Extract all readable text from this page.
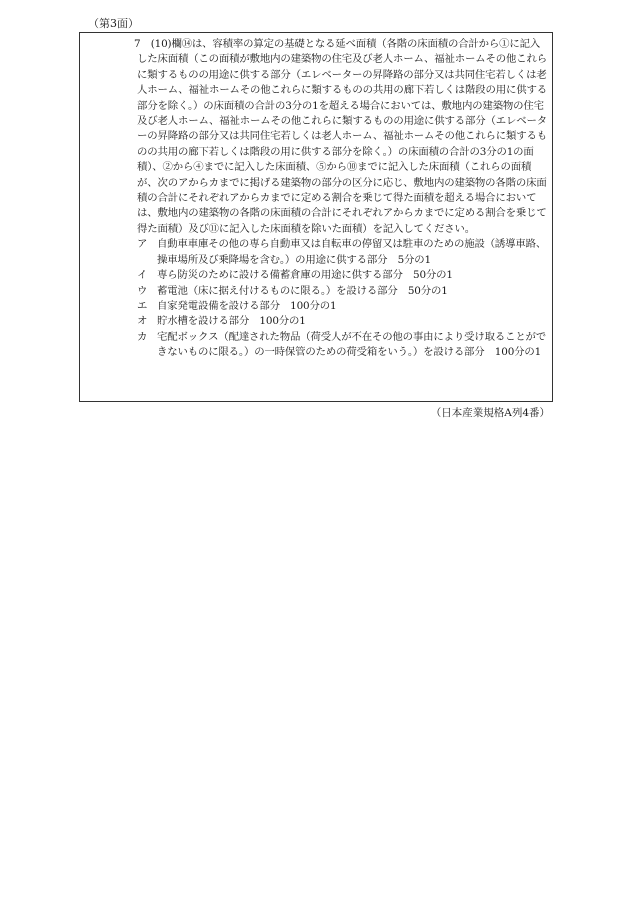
（第3面）

7　 (10)欄⑭は、容積率の算定の基礎となる延べ面積（各階の床面積の合計から①に記入した床面積（この面積が敷地内の建築物の住宅及び老人ホーム、福祉ホームその他これらに類するものの用途に供する部分（エレベーターの昇降路の部分又は共同住宅若しくは老人ホーム、福祉ホームその他これらに類するものの共用の廊下若しくは階段の用に供する部分を除く。）の床面積の合計の3分の1を超える場合においては、敷地内の建築物の住宅及び老人ホーム、福祉ホームその他これらに類するものの用途に供する部分（エレベーターの昇降路の部分又は共同住宅若しくは老人ホーム、福祉ホームその他これらに類するものの共用の廊下若しくは階段の用に供する部分を除く。）の床面積の合計の3分の1の面積）、②から④までに記入した床面積、⑤から⑩までに記入した床面積（これらの面積が、次のアからカまでに掲げる建築物の部分の区分に応じ、敷地内の建築物の各階の床面積の合計にそれぞれアからカまでに定める割合を乗じて得た面積を超える場合においては、敷地内の建築物の各階の床面積の合計にそれぞれアからカまでに定める割合を乗じて得た面積）及び⑪に記入した床面積を除いた面積）を記入してください。

ア 自動車車庫その他の専ら自動車又は自転車の停留又は駐車のための施設（誘導車路、操車場所及び乗降場を含む。）の用途に供する部分　5分の1
イ 専ら防災のために設ける備蓄倉庫の用途に供する部分　50分の1
ウ 蓄電池（床に据え付けるものに限る。）を設ける部分　50分の1
エ 自家発電設備を設ける部分　100分の1
オ 貯水槽を設ける部分　100分の1
カ 宅配ボックス（配達された物品（荷受人が不在その他の事由により受け取ることができないものに限る。）の一時保管のための荷受箱をいう。）を設ける部分　100分の1
（日本産業規格A列4番）
